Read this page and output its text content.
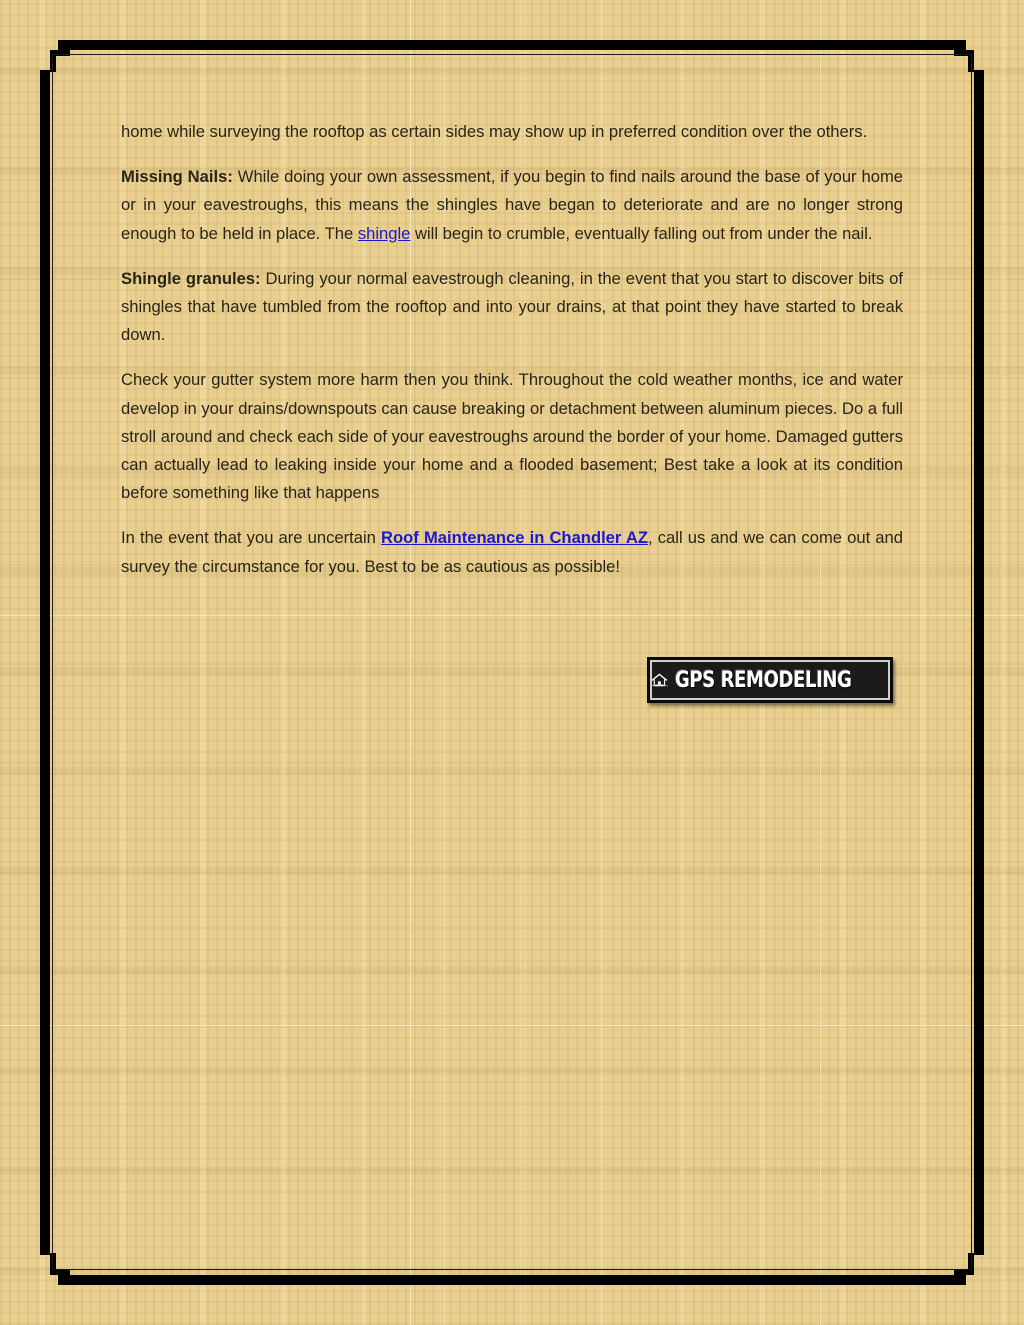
home while surveying the rooftop as certain sides may show up in preferred condition over the others.

Missing Nails: While doing your own assessment, if you begin to find nails around the base of your home or in your eavestroughs, this means the shingles have began to deteriorate and are no longer strong enough to be held in place. The shingle will begin to crumble, eventually falling out from under the nail.

Shingle granules: During your normal eavestrough cleaning, in the event that you start to discover bits of shingles that have tumbled from the rooftop and into your drains, at that point they have started to break down.

Check your gutter system more harm then you think. Throughout the cold weather months, ice and water develop in your drains/downspouts can cause breaking or detachment between aluminum pieces. Do a full stroll around and check each side of your eavestroughs around the border of your home. Damaged gutters can actually lead to leaking inside your home and a flooded basement; Best take a look at its condition before something like that happens

In the event that you are uncertain Roof Maintenance in Chandler AZ, call us and we can come out and survey the circumstance for you. Best to be as cautious as possible!

GPS REMODELING
